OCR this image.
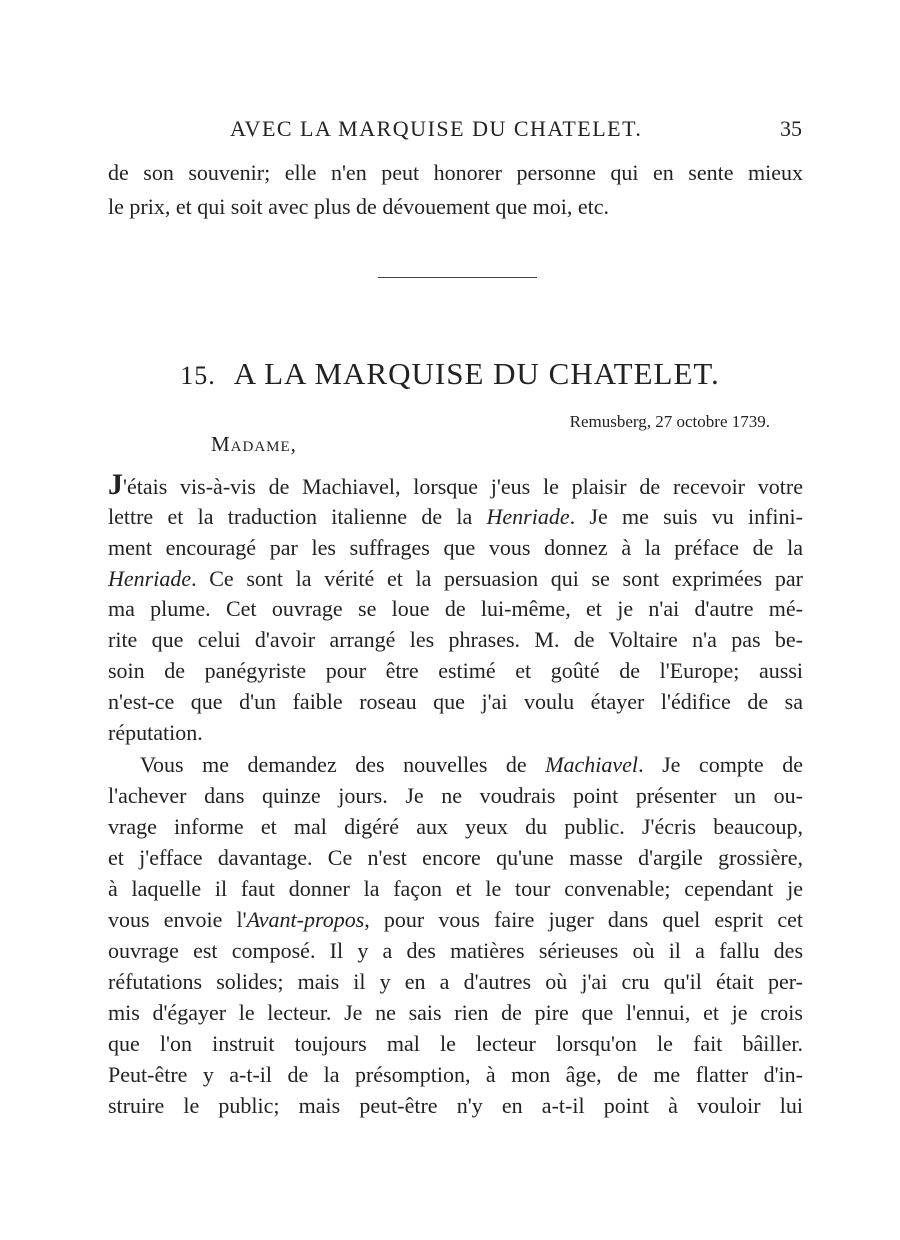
AVEC LA MARQUISE DU CHATELET.	35
de son souvenir; elle n'en peut honorer personne qui en sente mieux
le prix, et qui soit avec plus de dévouement que moi, etc.
15. A LA MARQUISE DU CHATELET.
Remusberg, 27 octobre 1739.
Madame,
J'étais vis-à-vis de Machiavel, lorsque j'eus le plaisir de recevoir votre
lettre et la traduction italienne de la Henriade. Je me suis vu infini-
ment encouragé par les suffrages que vous donnez à la préface de la
Henriade. Ce sont la vérité et la persuasion qui se sont exprimées par
ma plume. Cet ouvrage se loue de lui-même, et je n'ai d'autre mé-
rite que celui d'avoir arrangé les phrases. M. de Voltaire n'a pas be-
soin de panégyriste pour être estimé et goûté de l'Europe; aussi
n'est-ce que d'un faible roseau que j'ai voulu étayer l'édifice de sa
réputation.
Vous me demandez des nouvelles de Machiavel. Je compte de
l'achever dans quinze jours. Je ne voudrais point présenter un ou-
vrage informe et mal digéré aux yeux du public. J'écris beaucoup,
et j'efface davantage. Ce n'est encore qu'une masse d'argile grossière,
à laquelle il faut donner la façon et le tour convenable; cependant je
vous envoie l'Avant-propos, pour vous faire juger dans quel esprit cet
ouvrage est composé. Il y a des matières sérieuses où il a fallu des
réfutations solides; mais il y en a d'autres où j'ai cru qu'il était per-
mis d'égayer le lecteur. Je ne sais rien de pire que l'ennui, et je crois
que l'on instruit toujours mal le lecteur lorsqu'on le fait bâiller.
Peut-être y a-t-il de la présomption, à mon âge, de me flatter d'in-
struire le public; mais peut-être n'y en a-t-il point à vouloir lui
